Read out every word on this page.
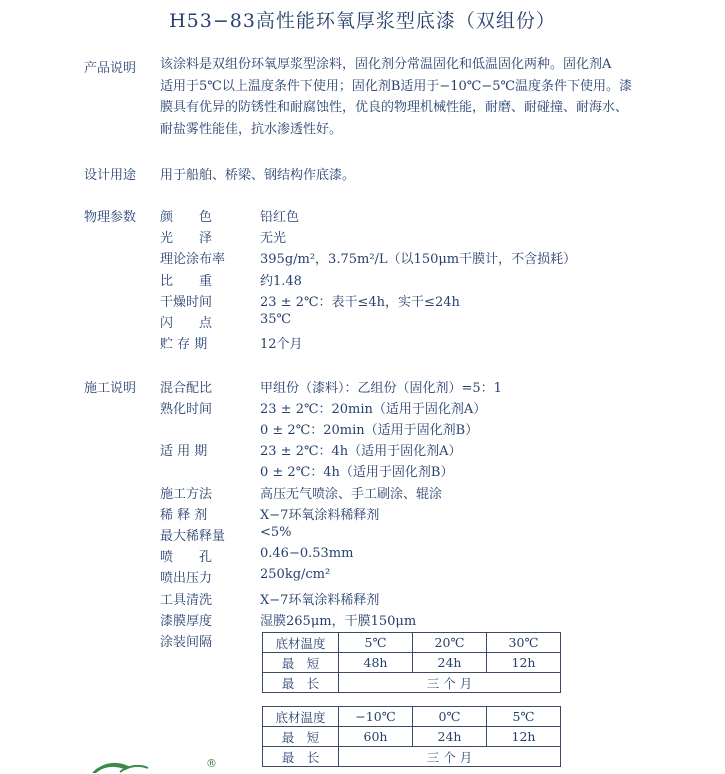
H53−83高性能环氧厚浆型底漆（双组份）
产品说明 该涂料是双组份环氧厚浆型涂料，固化剂分常温固化和低温固化两种。固化剂A
适用于5℃以上温度条件下使用；固化剂B适用于−10℃−5℃温度条件下使用。漆
膜具有优异的防锈性和耐腐蚀性，优良的物理机械性能，耐磨、耐碰撞、耐海水、
耐盐雾性能佳，抗水渗透性好。
设计用途 用于船舶、桥梁、钢结构作底漆。
物理参数 颜　　色	铅红色
光　　泽	无光
理论涂布率	395g/m²，3.75m²/L（以150μm干膜计，不含损耗）
比　　重	约1.48
干燥时间	23 ± 2℃：表干≤4h，实干≤24h
闪　　点	35℃
贮 存 期	12个月
施工说明 混合配比	甲组份（漆料）：乙组份（固化剂）=5：1
熟化时间	23 ± 2℃：20min（适用于固化剂A）
0 ± 2℃：20min（适用于固化剂B）
适 用 期	23 ± 2℃：4h（适用于固化剂A）
0 ± 2℃：4h（适用于固化剂B）
施工方法	高压无气喷涂、手工刷涂、辊涂
稀 释 剂	X−7环氧涂料稀释剂
最大稀释量	<5%
喷　　孔	0.46−0.53mm
喷出压力	250kg/cm²
工具清洗	X−7环氧涂料稀释剂
漆膜厚度	湿膜265μm，干膜150μm
涂装间隔	底材温度	5℃	20℃	30℃
最　短	48h	24h	12h
最　长	三 个 月		
底材温度	−10℃	0℃	5℃
最　短	60h	24h	12h
最　长	三 个 月		
®
